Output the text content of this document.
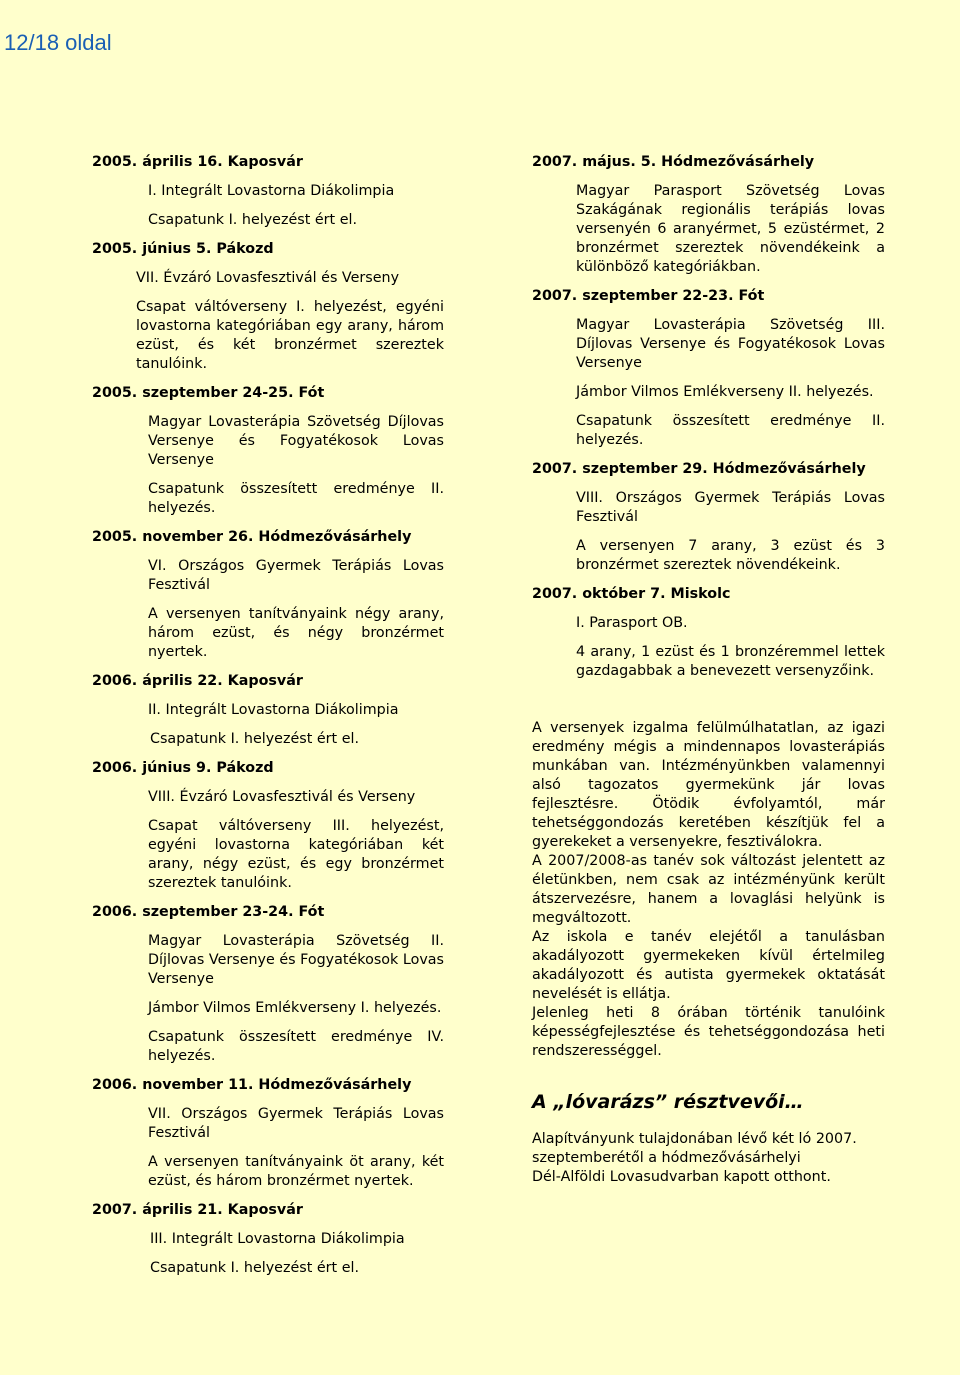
12/18 oldal
2005. április 16. Kaposvár
I. Integrált Lovastorna Diákolimpia
Csapatunk I. helyezést ért el.
2005. június 5. Pákozd
VII. Évzáró Lovasfesztivál és Verseny
Csapat váltóverseny I. helyezést, egyéni lovastorna kategóriában egy arany, három ezüst, és két bronzérmet szereztek tanulóink.
2005. szeptember 24-25. Fót
Magyar Lovasterápia Szövetség Díjlovas Versenye és Fogyatékosok Lovas Versenye
Csapatunk összesített eredménye II. helyezés.
2005. november 26. Hódmezővásárhely
VI. Országos Gyermek Terápiás Lovas Fesztivál
A versenyen tanítványaink négy arany, három ezüst, és négy bronzérmet nyertek.
2006. április 22. Kaposvár
II. Integrált Lovastorna Diákolimpia
Csapatunk I. helyezést ért el.
2006. június 9. Pákozd
VIII. Évzáró Lovasfesztivál és Verseny
Csapat váltóverseny III. helyezést, egyéni lovastorna kategóriában két arany, négy ezüst, és egy bronzérmet szereztek tanulóink.
2006. szeptember 23-24. Fót
Magyar Lovasterápia Szövetség II. Díjlovas Versenye és Fogyatékosok Lovas Versenye
Jámbor Vilmos Emlékverseny I. helyezés.
Csapatunk összesített eredménye IV. helyezés.
2006. november 11. Hódmezővásárhely
VII. Országos Gyermek Terápiás Lovas Fesztivál
A versenyen tanítványaink öt arany, két ezüst, és három bronzérmet nyertek.
2007. április 21. Kaposvár
III. Integrált Lovastorna Diákolimpia
Csapatunk I. helyezést ért el.
2007. május. 5. Hódmezővásárhely
Magyar Parasport Szövetség Lovas Szakágának regionális terápiás lovas versenyén 6 aranyérmet, 5 ezüstérmet, 2 bronzérmet szereztek növendékeink a különböző kategóriákban.
2007. szeptember 22-23. Fót
Magyar Lovasterápia Szövetség III. Díjlovas Versenye és Fogyatékosok Lovas Versenye
Jámbor Vilmos Emlékverseny II. helyezés.
Csapatunk összesített eredménye II. helyezés.
2007. szeptember 29. Hódmezővásárhely
VIII. Országos Gyermek Terápiás Lovas Fesztivál
A versenyen 7 arany, 3 ezüst és 3 bronzérmet szereztek növendékeink.
2007. október 7. Miskolc
I. Parasport OB.
4 arany, 1 ezüst és 1 bronzéremmel lettek gazdagabbak a benevezett versenyzőink.

A versenyek izgalma felülmúlhatatlan, az igazi eredmény mégis a mindennapos lovasterápiás munkában van. Intézményünkben valamennyi alsó tagozatos gyermekünk jár lovas fejlesztésre. Ötödik évfolyamtól, már tehetséggondozás keretében készítjük fel a gyerekeket a versenyekre, fesztiválokra.

A 2007/2008-as tanév sok változást jelentett az életünkben, nem csak az intézményünk került átszervezésre, hanem a lovaglási helyünk is megváltozott.

Az iskola e tanév elejétől a tanulásban akadályozott gyermekeken kívül értelmileg akadályozott és autista gyermekek oktatását nevelését is ellátja.

Jelenleg heti 8 órában történik tanulóink képességfejlesztése és tehetséggondozása heti rendszerességgel.

A „lóvarázs” résztvevői…
Alapítványunk tulajdonában lévő két ló 2007.
szeptemberétől a hódmezővásárhelyi
Dél-Alföldi Lovasudvarban kapott otthont.
